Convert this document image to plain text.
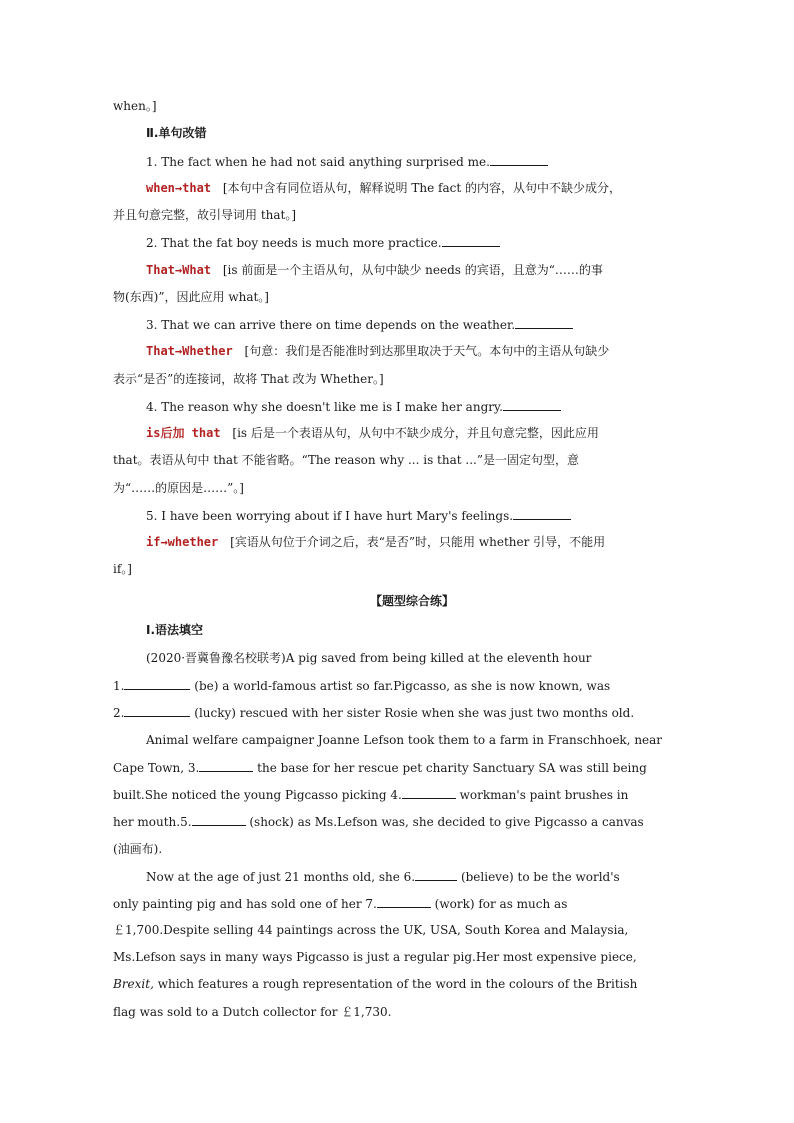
when。]
Ⅱ.单句改错
1. The fact when he had not said anything surprised me.
when→that [本句中含有同位语从句，解释说明 The fact 的内容，从句中不缺少成分，
并且句意完整，故引导词用 that。]
2. That the fat boy needs is much more practice.
That→What [is 前面是一个主语从句，从句中缺少 needs 的宾语，且意为“……的事
物(东西)”，因此应用 what。]
3. That we can arrive there on time depends on the weather.
That→Whether [句意：我们是否能准时到达那里取决于天气。本句中的主语从句缺少
表示“是否”的连接词，故将 That 改为 Whether。]
4. The reason why she doesn't like me is I make her angry.
is后加 that [is 后是一个表语从句，从句中不缺少成分，并且句意完整，因此应用
that。表语从句中 that 不能省略。“The reason why ... is that ...”是一固定句型，意
为“……的原因是……”。]
5. I have been worrying about if I have hurt Mary's feelings.
if→whether [宾语从句位于介词之后，表“是否”时，只能用 whether 引导，不能用
if。]
【题型综合练】
Ⅰ.语法填空
(2020·晋冀鲁豫名校联考)A pig saved from being killed at the eleventh hour
1.	(be) a world-famous artist so far.Pigcasso, as she is now known, was
2.	(lucky) rescued with her sister Rosie when she was just two months old.
Animal welfare campaigner Joanne Lefson took them to a farm in Franschhoek, near
Cape Town, 3.	the base for her rescue pet charity Sanctuary SA was still being
built.She noticed the young Pigcasso picking 4.	workman's paint brushes in
her mouth.5.	(shock) as Ms.Lefson was, she decided to give Pigcasso a canvas
(油画布).
Now at the age of just 21 months old, she 6.	(believe) to be the world's
only painting pig and has sold one of her 7.	(work) for as much as
￡1,700.Despite selling 44 paintings across the UK, USA, South Korea and Malaysia,
Ms.Lefson says in many ways Pigcasso is just a regular pig.Her most expensive piece,
Brexit, which features a rough representation of the word in the colours of the British
flag was sold to a Dutch collector for ￡1,730.
